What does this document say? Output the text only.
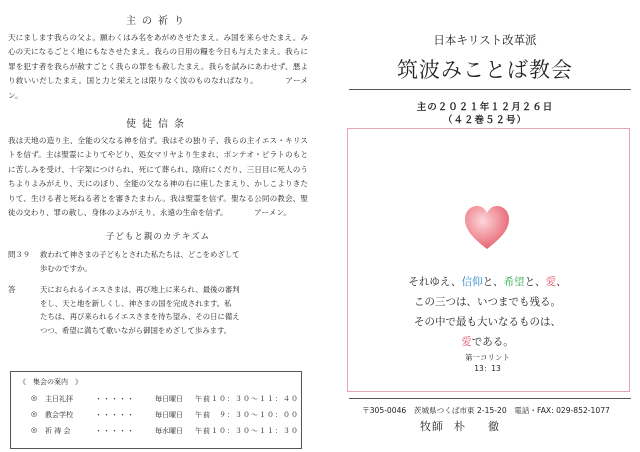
主の祈り

天にまします我らの父よ。願わくはみ名をあがめさせたまえ。み国を来らせたまえ。み心の天になるごとく地にもなさせたまえ。我らの日用の糧を今日も与えたまえ。我らに罪を犯す者を我らが赦すごとく我らの罪をも赦したまえ。我らを試みにあわせず、悪より救いいだしたまえ。国と力と栄えとは限りなく汝のものなればなり。　　　　アーメン。

使徒信条

我は天地の造り主、全能の父なる神を信ず。我はその独り子、我らの主イエス・キリストを信ず。主は聖霊によりてやどり、処女マリヤより生まれ、ポンテオ・ピラトのもとに苦しみを受け、十字架につけられ、死にて葬られ、陰府にくだり、三日目に死人のうちよりよみがえり、天にのぼり、全能の父なる神の右に座したまえり、かしこよりきたりて、生ける者と死ねる者とを審きたまわん。我は聖霊を信ず。聖なる公同の教会、聖徒の交わり、罪の赦し、身体のよみがえり、永遠の生命を信ず。　　　　アーメン。

子どもと親のカテキズム
問３９	救われて神さまの子どもとされた私たちは、どこをめざして
歩むのですか。
答	天におられるイエスさまは、再び地上に来られ、最後の審判
をし、天と地を新しくし、神さまの国を完成されます。私
たちは、再び来られるイエスさまを待ち望み、その日に備え
つつ、希望に満ちて歌いながら御国をめざして歩みます。
《　集会の案内　》
◎	主日礼拝	・・・・・	毎日曜日	午前１０：３０～１１：４０
◎	教会学校	・・・・・	毎日曜日	午前　９：３０～１０：００
◎	祈 祷 会	・・・・・	毎水曜日	午前１０：３０～１１：３０
日本キリスト改革派
筑波みことば教会
主の２０２１年１２月２６日
（４２巻５２号）
それゆえ、信仰と、希望と、愛、
この三つは、いつまでも残る。
その中で最も大いなるものは、
愛である。
第一コリント
13：13
〒305-0046　茨城県つくば市東 2-15-20　電話・FAX: 029-852-1077
牧師 朴　徹
